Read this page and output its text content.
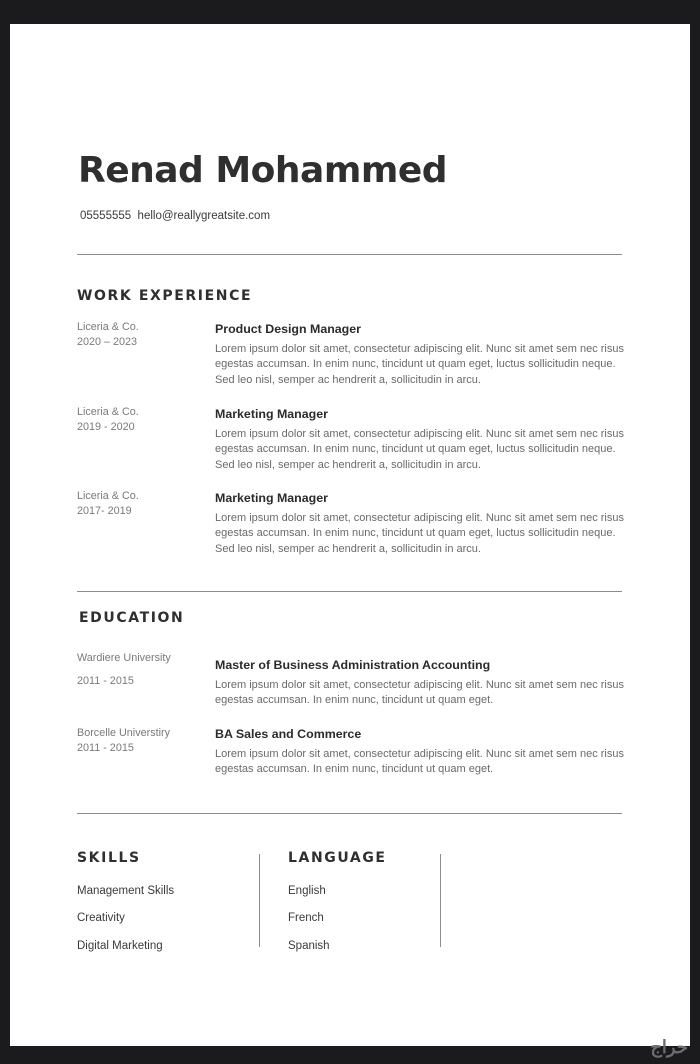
Renad Mohammed
05555555  hello@reallygreatsite.com
WORK EXPERIENCE
Liceria & Co.
2020 – 2023

Product Design Manager

Lorem ipsum dolor sit amet, consectetur adipiscing elit. Nunc sit amet sem nec risus egestas accumsan. In enim nunc, tincidunt ut quam eget, luctus sollicitudin neque. Sed leo nisl, semper ac hendrerit a, sollicitudin in arcu.

Liceria & Co.
2019 - 2020

Marketing Manager

Lorem ipsum dolor sit amet, consectetur adipiscing elit. Nunc sit amet sem nec risus egestas accumsan. In enim nunc, tincidunt ut quam eget, luctus sollicitudin neque. Sed leo nisl, semper ac hendrerit a, sollicitudin in arcu.

Liceria & Co.
2017- 2019

Marketing Manager

Lorem ipsum dolor sit amet, consectetur adipiscing elit. Nunc sit amet sem nec risus egestas accumsan. In enim nunc, tincidunt ut quam eget, luctus sollicitudin neque. Sed leo nisl, semper ac hendrerit a, sollicitudin in arcu.

EDUCATION
Wardiere University
2011 - 2015

Master of Business Administration Accounting

Lorem ipsum dolor sit amet, consectetur adipiscing elit. Nunc sit amet sem nec risus egestas accumsan. In enim nunc, tincidunt ut quam eget.

Borcelle Universtiry
2011 - 2015

BA Sales and Commerce

Lorem ipsum dolor sit amet, consectetur adipiscing elit. Nunc sit amet sem nec risus egestas accumsan. In enim nunc, tincidunt ut quam eget.

SKILLS
Management Skills
Creativity
Digital Marketing
LANGUAGE
English
French
Spanish
حراج
